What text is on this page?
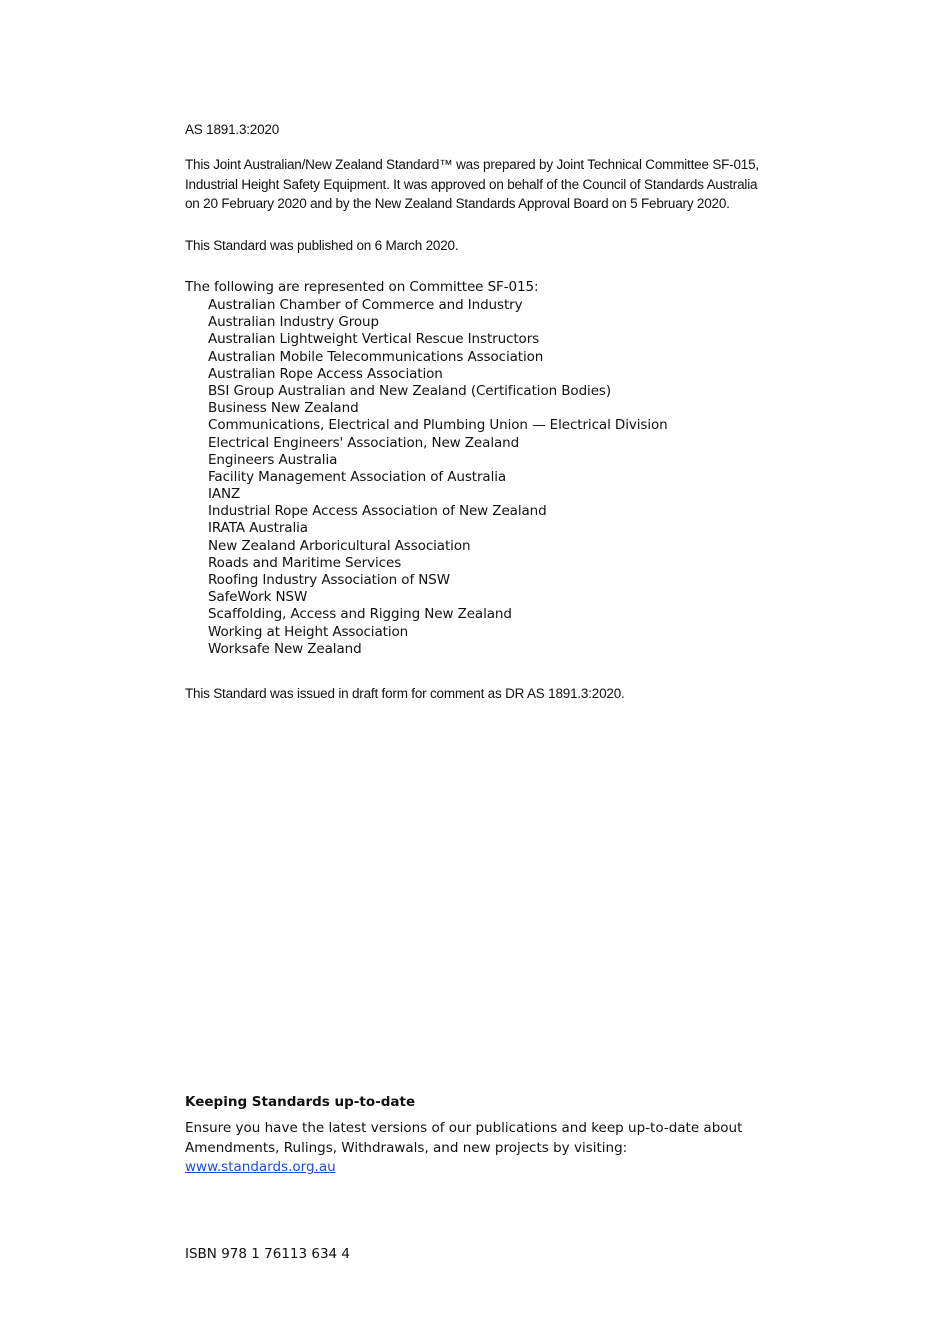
AS 1891.3:2020

This Joint Australian/New Zealand Standard™ was prepared by Joint Technical Committee SF-015, Industrial Height Safety Equipment. It was approved on behalf of the Council of Standards Australia on 20 February 2020 and by the New Zealand Standards Approval Board on 5 February 2020.

This Standard was published on 6 March 2020.
The following are represented on Committee SF-015:
Australian Chamber of Commerce and Industry
Australian Industry Group
Australian Lightweight Vertical Rescue Instructors
Australian Mobile Telecommunications Association
Australian Rope Access Association
BSI Group Australian and New Zealand (Certification Bodies)
Business New Zealand
Communications, Electrical and Plumbing Union — Electrical Division
Electrical Engineers' Association, New Zealand
Engineers Australia
Facility Management Association of Australia
IANZ
Industrial Rope Access Association of New Zealand
IRATA Australia
New Zealand Arboricultural Association
Roads and Maritime Services
Roofing Industry Association of NSW
SafeWork NSW
Scaffolding, Access and Rigging New Zealand
Working at Height Association
Worksafe New Zealand
This Standard was issued in draft form for comment as DR AS 1891.3:2020.
Keeping Standards up-to-date

Ensure you have the latest versions of our publications and keep up-to-date about Amendments, Rulings, Withdrawals, and new projects by visiting:
www.standards.org.au

ISBN 978 1 76113 634 4
